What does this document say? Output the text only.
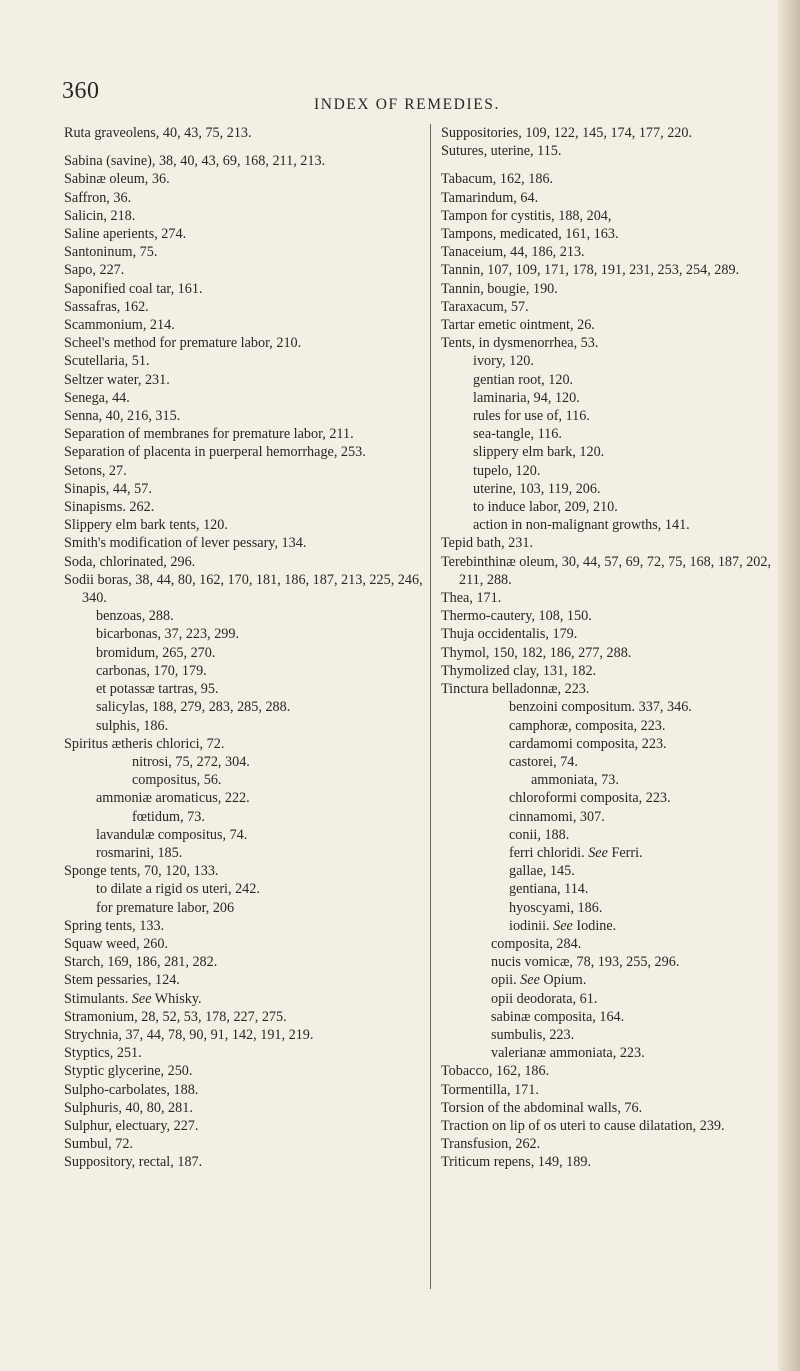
360
INDEX OF REMEDIES.
Ruta graveolens, 40, 43, 75, 213.
Sabina (savine), 38, 40, 43, 69, 168, 211, 213.
Sabinæ oleum, 36.
Saffron, 36.
Salicin, 218.
Saline aperients, 274.
Santoninum, 75.
Sapo, 227.
Saponified coal tar, 161.
Sassafras, 162.
Scammonium, 214.
Scheel's method for premature labor, 210.
Scutellaria, 51.
Seltzer water, 231.
Senega, 44.
Senna, 40, 216, 315.
Separation of membranes for premature labor, 211.
Separation of placenta in puerperal hemorrhage, 253.
Setons, 27.
Sinapis, 44, 57.
Sinapisms. 262.
Slippery elm bark tents, 120.
Smith's modification of lever pessary, 134.
Soda, chlorinated, 296.
Sodii boras, 38, 44, 80, 162, 170, 181, 186, 187, 213, 225, 246, 340.
benzoas, 288.
bicarbonas, 37, 223, 299.
bromidum, 265, 270.
carbonas, 170, 179.
et potassæ tartras, 95.
salicylas, 188, 279, 283, 285, 288.
sulphis, 186.
Spiritus ætheris chlorici, 72.
nitrosi, 75, 272, 304.
compositus, 56.
ammoniæ aromaticus, 222.
fœtidum, 73.
lavandulæ compositus, 74.
rosmarini, 185.
Sponge tents, 70, 120, 133.
to dilate a rigid os uteri, 242.
for premature labor, 206
Spring tents, 133.
Squaw weed, 260.
Starch, 169, 186, 281, 282.
Stem pessaries, 124.
Stimulants. See Whisky.
Stramonium, 28, 52, 53, 178, 227, 275.
Strychnia, 37, 44, 78, 90, 91, 142, 191, 219.
Styptics, 251.
Styptic glycerine, 250.
Sulpho-carbolates, 188.
Sulphuris, 40, 80, 281.
Sulphur, electuary, 227.
Sumbul, 72.
Suppository, rectal, 187.
Suppositories, 109, 122, 145, 174, 177, 220.
Sutures, uterine, 115.
Tabacum, 162, 186.
Tamarindum, 64.
Tampon for cystitis, 188, 204,
Tampons, medicated, 161, 163.
Tanaceium, 44, 186, 213.
Tannin, 107, 109, 171, 178, 191, 231, 253, 254, 289.
Tannin, bougie, 190.
Taraxacum, 57.
Tartar emetic ointment, 26.
Tents, in dysmenorrhea, 53.
ivory, 120.
gentian root, 120.
laminaria, 94, 120.
rules for use of, 116.
sea-tangle, 116.
slippery elm bark, 120.
tupelo, 120.
uterine, 103, 119, 206.
to induce labor, 209, 210.
action in non-malignant growths, 141.
Tepid bath, 231.
Terebinthinæ oleum, 30, 44, 57, 69, 72, 75, 168, 187, 202, 211, 288.
Thea, 171.
Thermo-cautery, 108, 150.
Thuja occidentalis, 179.
Thymol, 150, 182, 186, 277, 288.
Thymolized clay, 131, 182.
Tinctura belladonnæ, 223.
benzoini compositum. 337, 346.
camphoræ, composita, 223.
cardamomi composita, 223.
castorei, 74.
ammoniata, 73.
chloroformi composita, 223.
cinnamomi, 307.
conii, 188.
ferri chloridi. See Ferri.
gallae, 145.
gentiana, 114.
hyoscyami, 186.
iodinii. See Iodine.
composita, 284.
nucis vomicæ, 78, 193, 255, 296.
opii. See Opium.
opii deodorata, 61.
sabinæ composita, 164.
sumbulis, 223.
valerianæ ammoniata, 223.
Tobacco, 162, 186.
Tormentilla, 171.
Torsion of the abdominal walls, 76.
Traction on lip of os uteri to cause dilatation, 239.
Transfusion, 262.
Triticum repens, 149, 189.
